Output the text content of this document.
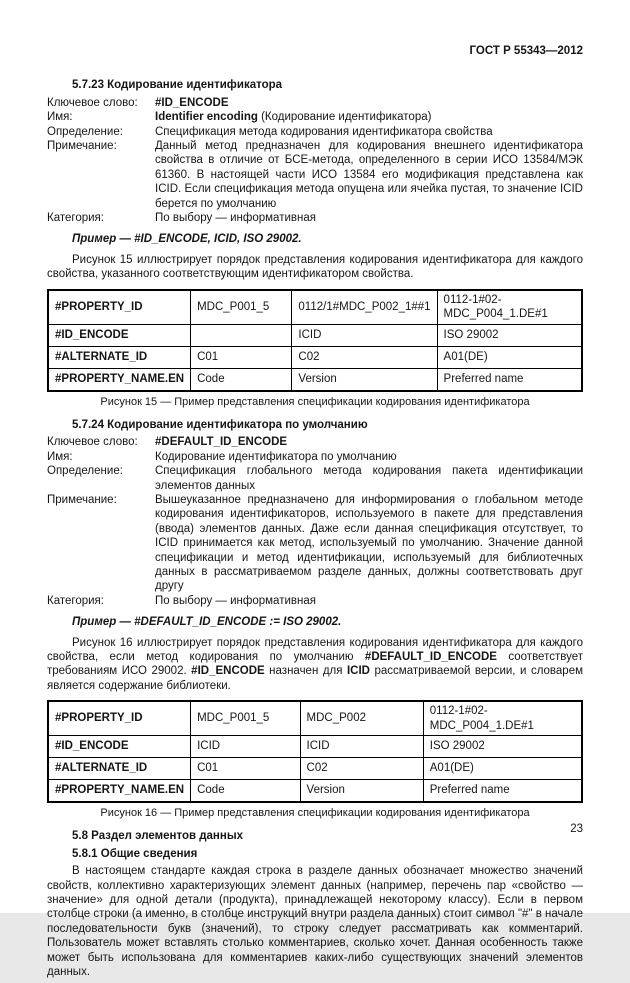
ГОСТ Р 55343—2012
5.7.23 Кодирование идентификатора
Ключевое слово:	#ID_ENCODE
Имя:	Identifier encoding (Кодирование идентификатора)
Определение:	Спецификация метода кодирования идентификатора свойства
Примечание:	Данный метод предназначен для кодирования внешнего идентификатора свойства в отличие от БСЕ-метода, определенного в серии ИСО 13584/МЭК 61360. В настоящей части ИСО 13584 его модификация представлена как ICID. Если спецификация метода опущена или ячейка пустая, то значение ICID берется по умолчанию
Категория:	По выбору — информативная
Пример — #ID_ENCODE, ICID, ISO 29002.
Рисунок 15 иллюстрирует порядок представления кодирования идентификатора для каждого свойства, указанного соответствующим идентификатором свойства.
#PROPERTY_ID	MDC_P001_5	0112/1#MDC_P002_1##1	0112-1#02-MDC_P004_1.DE#1
#ID_ENCODE		ICID	ISO 29002
#ALTERNATE_ID	C01	C02	A01(DE)
#PROPERTY_NAME.EN	Code	Version	Preferred name
Рисунок 15 — Пример представления спецификации кодирования идентификатора
5.7.24 Кодирование идентификатора по умолчанию
Ключевое слово:	#DEFAULT_ID_ENCODE
Имя:	Кодирование идентификатора по умолчанию
Определение:	Спецификация глобального метода кодирования пакета идентификации элементов данных
Примечание:	Вышеуказанное предназначено для информирования о глобальном методе кодирования идентификаторов, используемого в пакете для представления (ввода) элементов данных. Даже если данная спецификация отсутствует, то ICID принимается как метод, используемый по умолчанию. Значение данной спецификации и метод идентификации, используемый для библиотечных данных в рассматриваемом разделе данных, должны соответствовать друг другу
Категория:	По выбору — информативная
Пример — #DEFAULT_ID_ENCODE := ISO 29002.
Рисунок 16 иллюстрирует порядок представления кодирования идентификатора для каждого свойства, если метод кодирования по умолчанию #DEFAULT_ID_ENCODE соответствует требованиям ИСО 29002. #ID_ENCODE назначен для ICID рассматриваемой версии, и словарем является содержание библиотеки.
#PROPERTY_ID	MDC_P001_5	MDC_P002	0112-1#02-MDC_P004_1.DE#1
#ID_ENCODE	ICID	ICID	ISO 29002
#ALTERNATE_ID	C01	C02	A01(DE)
#PROPERTY_NAME.EN	Code	Version	Preferred name
Рисунок 16 — Пример представления спецификации кодирования идентификатора
5.8 Раздел элементов данных
5.8.1 Общие сведения
В настоящем стандарте каждая строка в разделе данных обозначает множество значений свойств, коллективно характеризующих элемент данных (например, перечень пар «свойство — значение» для одной детали (продукта), принадлежащей некоторому классу). Если в первом столбце строки (а именно, в столбце инструкций внутри раздела данных) стоит символ "#" в начале последовательности букв (значений), то строку следует рассматривать как комментарий. Пользователь может вставлять столько комментариев, сколько хочет. Данная особенность также может быть использована для комментариев каких-либо существующих значений элементов данных.
23
